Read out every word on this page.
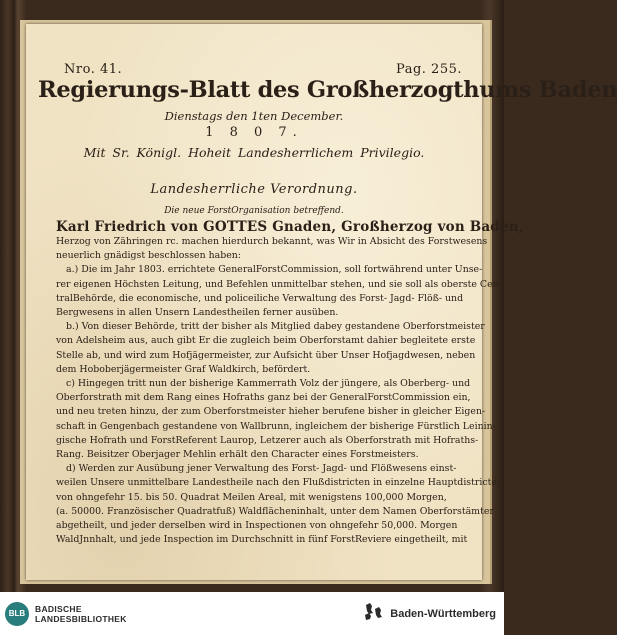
Nro. 41.	Pag. 255.
Regierungs-Blatt des Großherzogthums Baden
Dienstags den 1ten December.
1 8 0 7.
Mit Sr. Königl. Hoheit Landesherrlichem Privilegio.
Landesherrliche Verordnung.
Die neue ForstOrganisation betreffend.

Karl Friedrich von GOTTES Gnaden, Großherzog von Baden,

Herzog von Zähringen rc. machen hierdurch bekannt, was Wir in Absicht des Forstwesens
neuerlich gnädigst beschlossen haben:
a.) Die im Jahr 1803. errichtete GeneralForstCommission, soll fortwährend unter Unse-
rer eigenen Höchsten Leitung, und Befehlen unmittelbar stehen, und sie soll als oberste Cen-
tralBehörde, die economische, und policeiliche Verwaltung des Forst- Jagd- Flöß- und
Bergwesens in allen Unsern Landestheilen ferner ausüben.
b.) Von dieser Behörde, tritt der bisher als Mitglied dabey gestandene Oberforstmeister
von Adelsheim aus, auch gibt Er die zugleich beim Oberforstamt dahier begleitete erste
Stelle ab, und wird zum Hofjägermeister, zur Aufsicht über Unser Hofjagdwesen, neben
dem Hoboberjägermeister Graf Waldkirch, befördert.
c) Hingegen tritt nun der bisherige Kammerrath Volz der jüngere, als Oberberg- und
Oberforstrath mit dem Rang eines Hofraths ganz bei der GeneralForstCommission ein,
und neu treten hinzu, der zum Oberforstmeister hieher berufene bisher in gleicher Eigen-
schaft in Gengenbach gestandene von Wallbrunn, ingleichem der bisherige Fürstlich Leinin-
gische Hofrath und ForstReferent Laurop, Letzerer auch als Oberforstrath mit Hofraths-
Rang. Beisitzer Oberjager Mehlin erhält den Character eines Forstmeisters.
d) Werden zur Ausübung jener Verwaltung des Forst- Jagd- und Flößwesens einst-
weilen Unsere unmittelbare Landestheile nach den Flußdistricten in einzelne Hauptdistricte,
von ohngefehr 15. bis 50. Quadrat Meilen Areal, mit wenigstens 100,000 Morgen,
(a. 50000. Französischer Quadratfuß) Waldflächeninhalt, unter dem Namen Oberforstämter
abgetheilt, und jeder derselben wird in Inspectionen von ohngefehr 50,000. Morgen
WaldJnnhalt, und jede Inspection im Durchschnitt in fünf ForstReviere eingetheilt, mit
BLB	BADISCHE
LANDESBIBLIOTHEK	Baden-Württemberg
